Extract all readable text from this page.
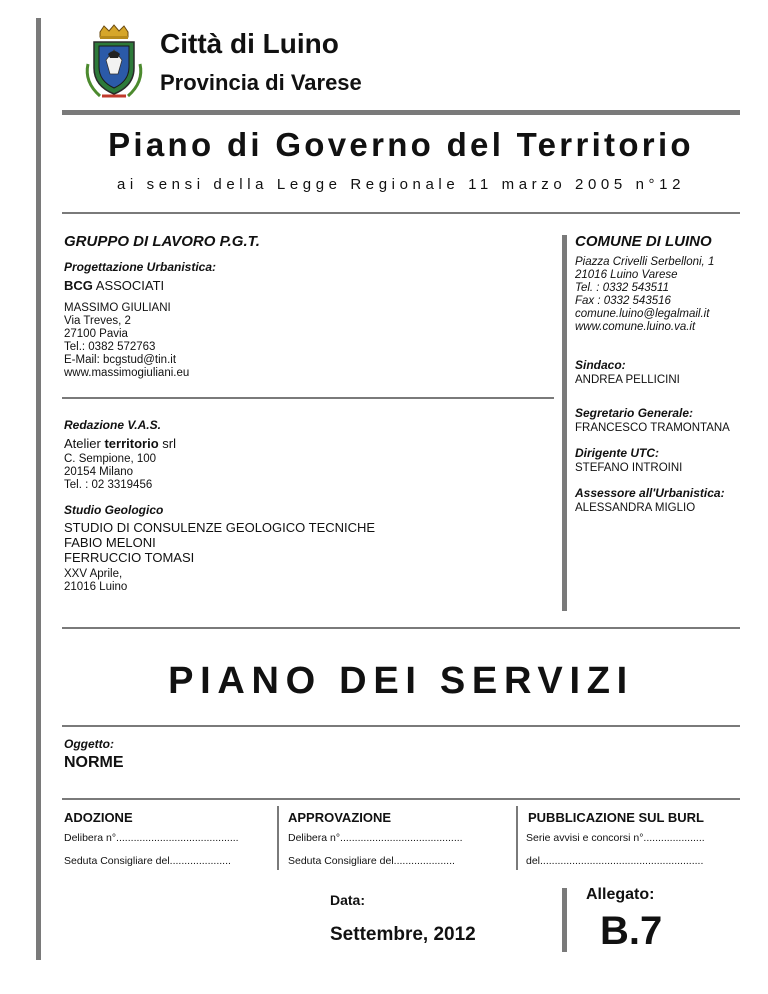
Città di Luino
Provincia di Varese
Piano di Governo del Territorio
ai sensi della Legge Regionale 11 marzo 2005 n°12
GRUPPO DI LAVORO P.G.T.
Progettazione Urbanistica:
BCG ASSOCIATI
MASSIMO GIULIANI
Via Treves, 2
27100 Pavia
Tel.: 0382 572763
E-Mail: bcgstud@tin.it
www.massimogiuliani.eu
Redazione V.A.S.
Atelier territorio srl
C. Sempione, 100
20154 Milano
Tel. : 02 3319456
Studio Geologico
STUDIO DI CONSULENZE GEOLOGICO TECNICHE
FABIO MELONI
FERRUCCIO TOMASI
XXV Aprile,
21016 Luino
COMUNE DI LUINO
Piazza Crivelli Serbelloni, 1
21016 Luino Varese
Tel. : 0332 543511
Fax : 0332 543516
comune.luino@legalmail.it
www.comune.luino.va.it
Sindaco:
ANDREA PELLICINI
Segretario Generale:
FRANCESCO TRAMONTANA
Dirigente UTC:
STEFANO INTROINI
Assessore all'Urbanistica:
ALESSANDRA MIGLIO
PIANO DEI SERVIZI
Oggetto:
NORME
ADOZIONE	APPROVAZIONE	PUBBLICAZIONE SUL BURL
Delibera n°..........................................	Delibera n°..........................................	Serie avvisi e concorsi n°.....................
Seduta Consigliare del.....................	Seduta Consigliare del.....................	del........................................................
Data:
Settembre, 2012
Allegato:
B.7
